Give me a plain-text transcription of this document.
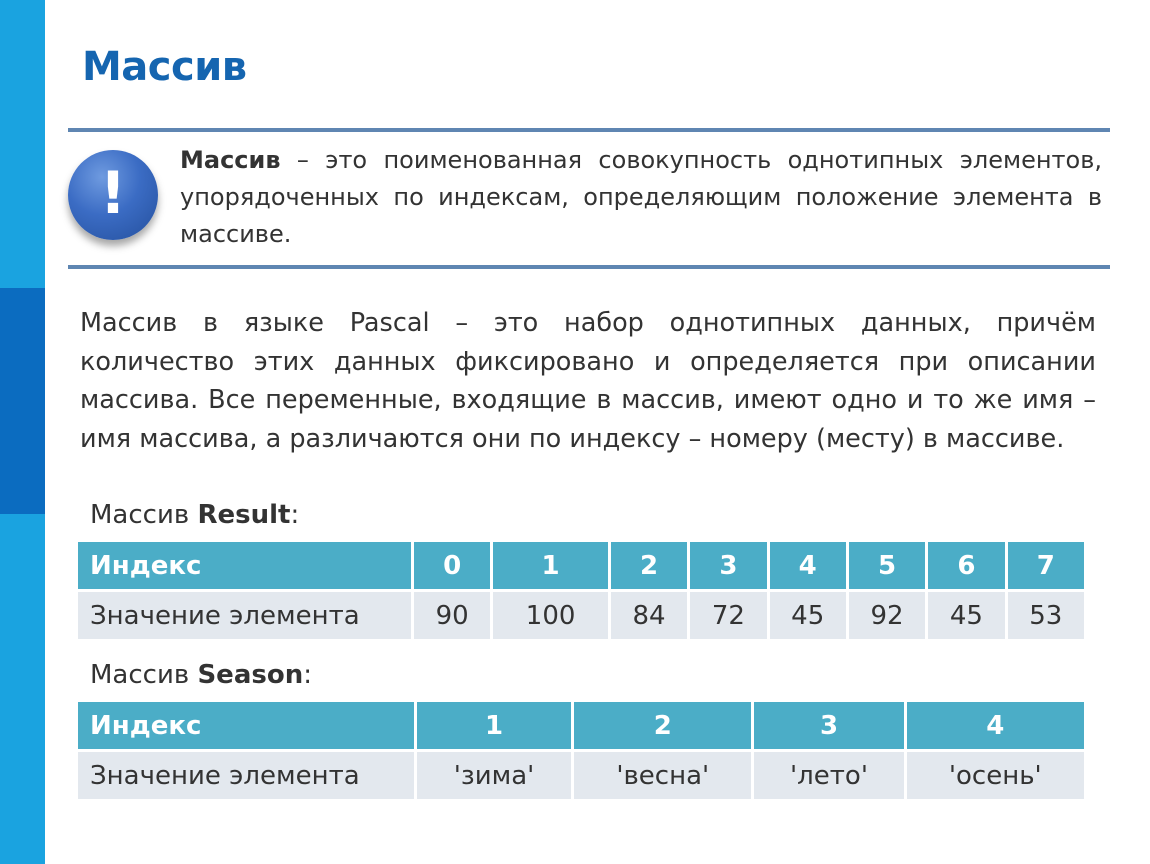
Массив
! Массив – это поименованная совокупность однотипных элементов, упорядоченных по индексам, определяющим положение элемента в массиве.
Массив в языке Pascal – это набор однотипных данных, причём количество этих данных фиксировано и определяется при описании массива. Все переменные, входящие в массив, имеют одно и то же имя – имя массива, а различаются они по индексу – номеру (месту) в массиве.
Массив Result:
Индекс	0	1	2	3	4	5	6	7
Значение элемента	90	100	84	72	45	92	45	53
Массив Season:
Индекс	1	2	3	4
Значение элемента	'зима'	'весна'	'лето'	'осень'
